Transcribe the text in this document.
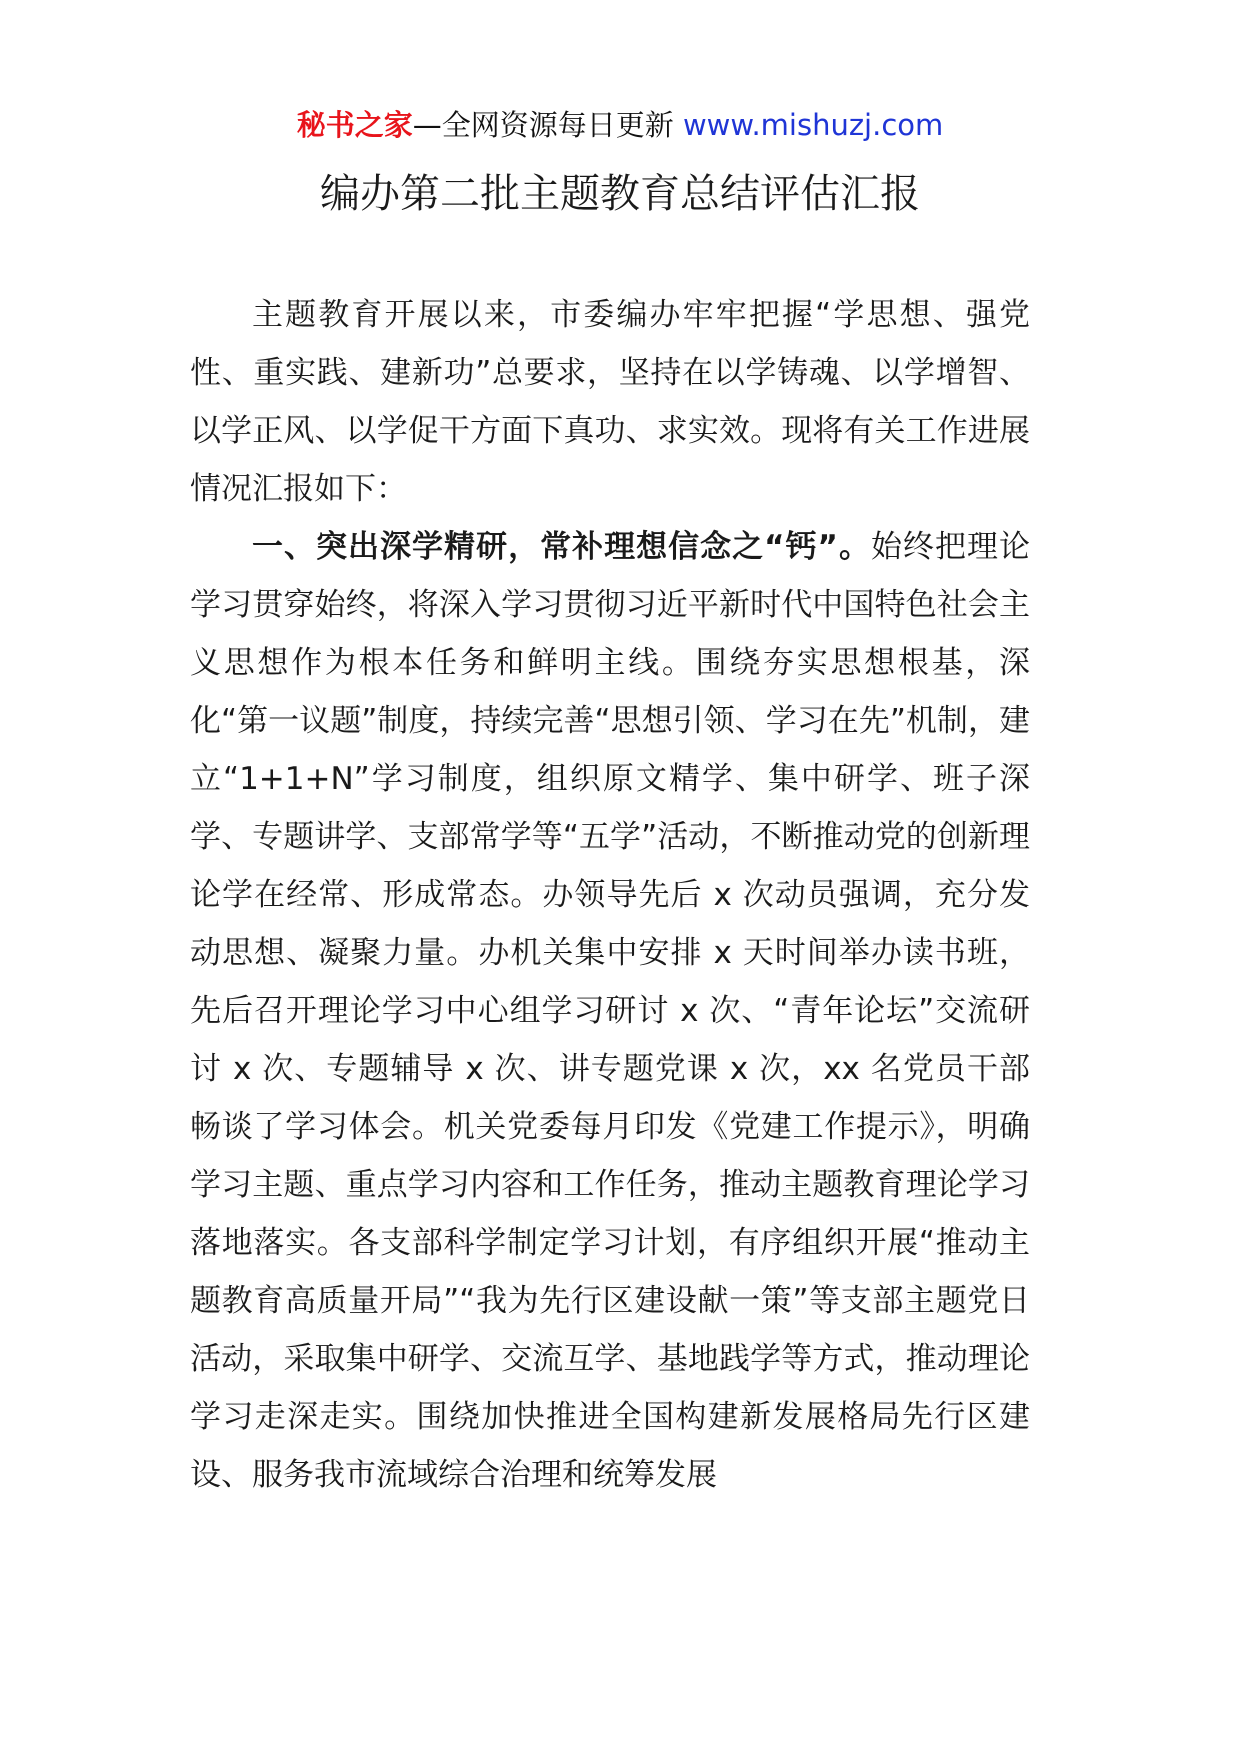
秘书之家—全网资源每日更新 www.mishuzj.com
编办第二批主题教育总结评估汇报

主题教育开展以来，市委编办牢牢把握“学思想、强党性、重实践、建新功”总要求，坚持在以学铸魂、以学增智、以学正风、以学促干方面下真功、求实效。现将有关工作进展情况汇报如下：

一、突出深学精研，常补理想信念之“钙”。始终把理论学习贯穿始终，将深入学习贯彻习近平新时代中国特色社会主义思想作为根本任务和鲜明主线。围绕夯实思想根基，深化“第一议题”制度，持续完善“思想引领、学习在先”机制，建立“1+1+N”学习制度，组织原文精学、集中研学、班子深学、专题讲学、支部常学等“五学”活动，不断推动党的创新理论学在经常、形成常态。办领导先后 x 次动员强调，充分发动思想、凝聚力量。办机关集中安排 x 天时间举办读书班，先后召开理论学习中心组学习研讨 x 次、“青年论坛”交流研讨 x 次、专题辅导 x 次、讲专题党课 x 次，xx 名党员干部畅谈了学习体会。机关党委每月印发《党建工作提示》，明确学习主题、重点学习内容和工作任务，推动主题教育理论学习落地落实。各支部科学制定学习计划，有序组织开展“推动主题教育高质量开局”“我为先行区建设献一策”等支部主题党日活动，采取集中研学、交流互学、基地践学等方式，推动理论学习走深走实。围绕加快推进全国构建新发展格局先行区建设、服务我市流域综合治理和统筹发展
